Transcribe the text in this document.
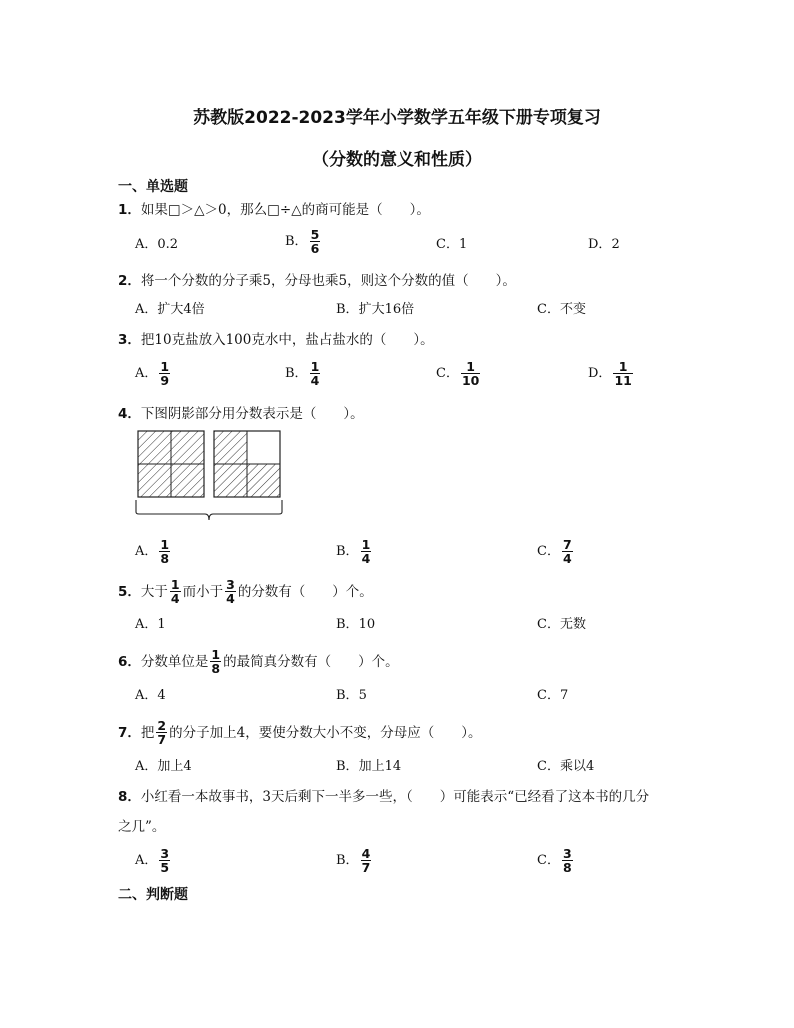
苏教版2022-2023学年小学数学五年级下册专项复习
（分数的意义和性质）
一、单选题
1．如果□＞△＞0，那么□÷△的商可能是（　　）。
A． 0.2	B． $\frac{5}{6}$	C． 1	D． 2
2．将一个分数的分子乘5，分母也乘5，则这个分数的值（　　）。
A． 扩大4倍	B． 扩大16倍	C． 不变
3．把10克盐放入100克水中，盐占盐水的（　　）。
A． $\frac{1}{9}$	B． $\frac{1}{4}$	C． $\frac{1}{10}$	D． $\frac{1}{11}$
4．下图阴影部分用分数表示是（　　）。
A． $\frac{1}{8}$	B． $\frac{1}{4}$	C． $\frac{7}{4}$
5． 大于 $\frac{1}{4}$ 而小于 $\frac{3}{4}$ 的分数有（　　）个。
A． 1	B． 10	C． 无数
6． 分数单位是 $\frac{1}{8}$ 的最简真分数有（　　）个。
A． 4	B． 5	C． 7
7． 把 $\frac{2}{7}$ 的分子加上4，要使分数大小不变，分母应（　　）。
A． 加上4	B． 加上14	C． 乘以4
8．小红看一本故事书，3天后剩下一半多一些，（　　）可能表示“已经看了这本书的几分
之几”。
A． $\frac{3}{5}$	B． $\frac{4}{7}$	C． $\frac{3}{8}$
二、判断题
